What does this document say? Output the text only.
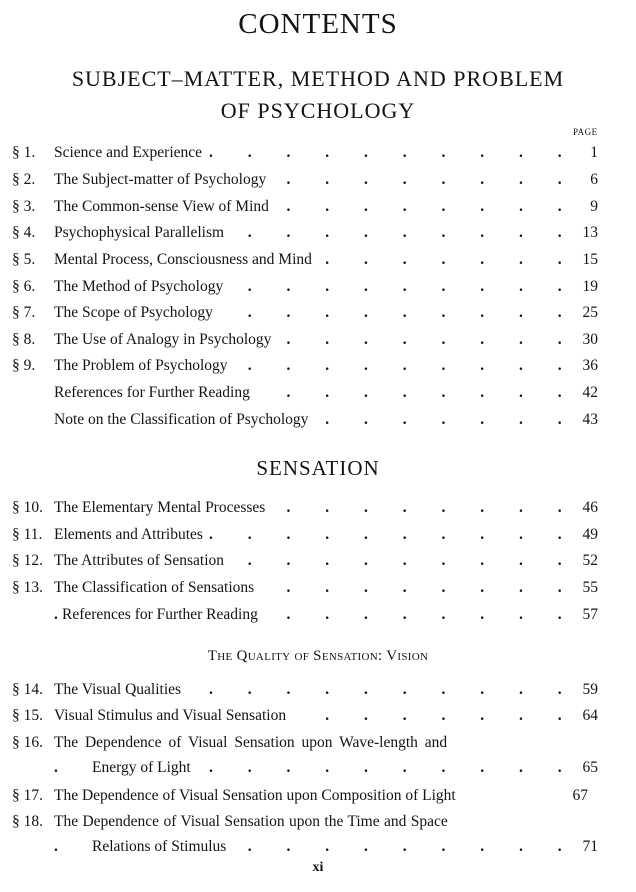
CONTENTS
SUBJECT–MATTER, METHOD AND PROBLEM
OF PSYCHOLOGY
PAGE
.
§ 1. Science and Experience	1
.
§ 2. The Subject-matter of Psychology	6
.
§ 3. The Common-sense View of Mind	9
.
§ 4. Psychophysical Parallelism	13
.
§ 5. Mental Process, Consciousness and Mind	15
.
§ 6. The Method of Psychology	19
.
§ 7. The Scope of Psychology	25
.
§ 8. The Use of Analogy in Psychology	30
.
§ 9. The Problem of Psychology	36
.
References for Further Reading	42
.
Note on the Classification of Psychology	43
SENSATION
.
§ 10. The Elementary Mental Processes	46
.
§ 11. Elements and Attributes	49
.
§ 12. The Attributes of Sensation	52
.
§ 13. The Classification of Sensations	55
.
References for Further Reading	57
The Quality of Sensation: Vision
.
§ 14. The Visual Qualities	59
.
§ 15. Visual Stimulus and Visual Sensation	64
§ 16. The Dependence of Visual Sensation upon Wave-length and
.
Energy of Light	65
§ 17. The Dependence of Visual Sensation upon Composition of Light	67
§ 18. The Dependence of Visual Sensation upon the Time and Space
.
Relations of Stimulus	71
xi
